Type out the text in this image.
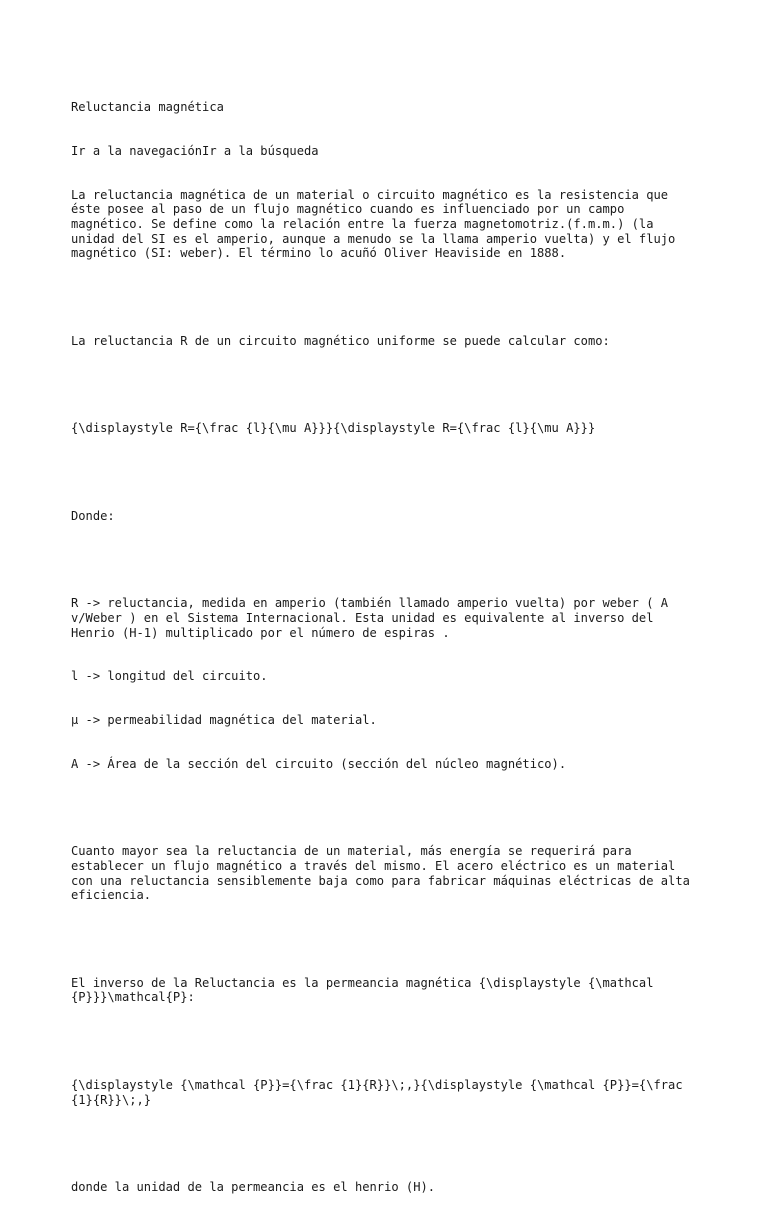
Reluctancia magnética

Ir a la navegaciónIr a la búsqueda

La reluctancia magnética de un material o circuito magnético es la resistencia que éste posee al paso de un flujo magnético cuando es influenciado por un campo magnético. Se define como la relación entre la fuerza magnetomotriz.(f.m.m.) (la unidad del SI es el amperio, aunque a menudo se la llama amperio vuelta) y el flujo magnético (SI: weber). El término lo acuñó Oliver Heaviside en 1888.

La reluctancia R de un circuito magnético uniforme se puede calcular como:

{\displaystyle R={\frac {l}{\mu A}}}{\displaystyle R={\frac {l}{\mu A}}}

Donde:

R -> reluctancia, medida en amperio (también llamado amperio vuelta) por weber ( A v/Weber ) en el Sistema Internacional. Esta unidad es equivalente al inverso del Henrio (H-1) multiplicado por el número de espiras .

l -> longitud del circuito.

μ -> permeabilidad magnética del material.

A -> Área de la sección del circuito (sección del núcleo magnético).

Cuanto mayor sea la reluctancia de un material, más energía se requerirá para establecer un flujo magnético a través del mismo. El acero eléctrico es un material con una reluctancia sensiblemente baja como para fabricar máquinas eléctricas de alta eficiencia.

El inverso de la Reluctancia es la permeancia magnética {\displaystyle {\mathcal {P}}}\mathcal{P}:

{\displaystyle {\mathcal {P}}={\frac {1}{R}}\;,}{\displaystyle {\mathcal {P}}={\frac {1}{R}}\;,}

donde la unidad de la permeancia es el henrio (H).
